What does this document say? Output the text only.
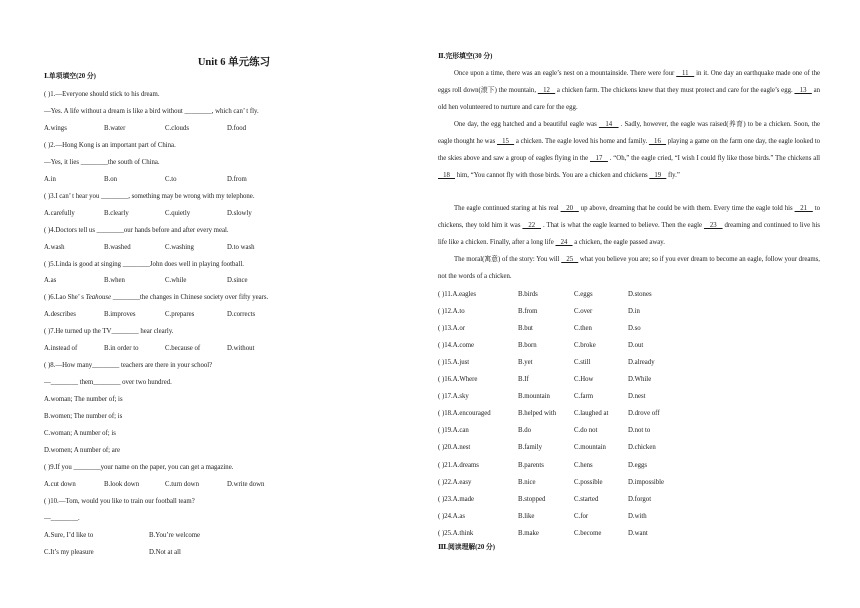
Unit 6 单元练习
Ⅰ.单项填空(20 分)
( )1.—Everyone should stick to his dream.
—Yes. A life without a dream is like a bird without ________, which can’ t fly.
( )2.—Hong Kong is an important part of China.
—Yes, it lies ________the south of China.
( )3.I can’ t hear you ________, something may be wrong with my telephone.
( )4.Doctors tell us ________our hands before and after every meal.
( )5.Linda is good at singing ________John does well in playing football.
( )6.Lao She’ s Teahouse ________the changes in Chinese society over fifty years.
( )7.He turned up the TV________ hear clearly.
( )8.—How many________ teachers are there in your school?
—________ them________ over two hundred.
A.woman; The number of; is
B.women; The number of; is
C.woman; A number of; is
D.women; A number of; are
( )9.If you ________your name on the paper, you can get a magazine.
( )10.—Tom, would you like to train our football team?
—________.
A.wings	B.water	C.clouds	D.food
A.in	B.on	C.to	D.from
A.carefully	B.clearly	C.quietly	D.slowly
A.wash	B.washed	C.washing	D.to wash
A.as	B.when	C.while	D.since
A.describes	B.improves	C.prepares	D.corrects
A.instead of	B.in order to	C.because of	D.without
A.cut down	B.look down	C.turn down	D.write down
A.Sure, I’d like to	B.You’re welcome
C.It’s my pleasure	D.Not at all
Ⅱ.完形填空(30 分)
Once upon a time, there was an eagle’s nest on a mountainside. There were four    11    in it. One day an earthquake made one of the eggs roll down(滚下) the mountain,    12    a chicken farm. The chickens knew that they must protect and care for the eagle’s egg.    13    an old hen volunteered to nurture and care for the egg.
One day, the egg hatched and a beautiful eagle was    14    . Sadly, however, the eagle was raised(养育) to be a chicken. Soon, the eagle thought he was    15    a chicken. The eagle loved his home and family.    16    playing a game on the farm one day, the eagle looked to the skies above and saw a group of eagles flying in the    17    . “Oh,” the eagle cried, “I wish I could fly like those birds.” The chickens all    18    him, “You cannot fly with those birds. You are a chicken and chickens    19    fly.”
The eagle continued staring at his real    20    up above, dreaming that he could be with them. Every time the eagle told his    21    to chickens, they told him it was    22    . That is what the eagle learned to believe. Then the eagle    23    dreaming and continued to live his life like a chicken. Finally, after a long life    24    a chicken, the eagle passed away.
The moral(寓意) of the story: You will    25    what you believe you are; so if you ever dream to become an eagle, follow your dreams, not the words of a chicken.
( )11.A.eagles	B.birds	C.eggs	D.stones
( )12.A.to	B.from	C.over	D.in
( )13.A.or	B.but	C.then	D.so
( )14.A.come	B.born	C.broke	D.out
( )15.A.just	B.yet	C.still	D.already
( )16.A.Where	B.If	C.How	D.While
( )17.A.sky	B.mountain	C.farm	D.nest
( )18.A.encouraged	B.helped with	C.laughed at	D.drove off
( )19.A.can	B.do	C.do not	D.not to
( )20.A.nest	B.family	C.mountain	D.chicken
( )21.A.dreams	B.parents	C.hens	D.eggs
( )22.A.easy	B.nice	C.possible	D.impossible
( )23.A.made	B.stopped	C.started	D.forgot
( )24.A.as	B.like	C.for	D.with
( )25.A.think	B.make	C.become	D.want
Ⅲ.阅读理解(20 分)
